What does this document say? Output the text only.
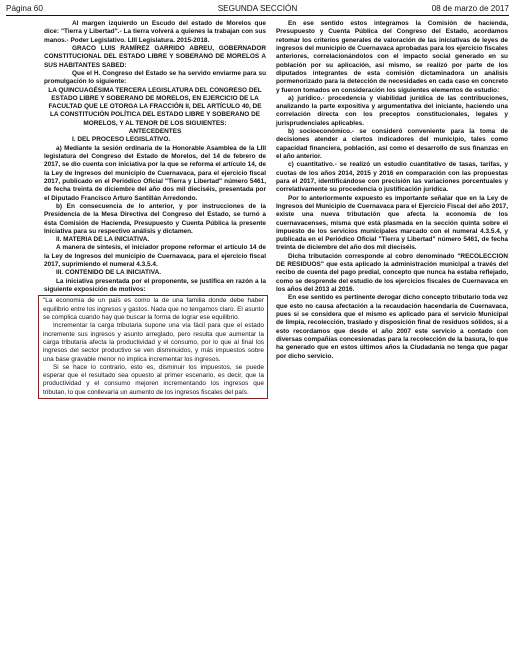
Página 60	SEGUNDA SECCIÓN	08 de marzo de 2017

Al margen izquierdo un Escudo del estado de Morelos que dice: "Tierra y Libertad".- La tierra volverá a quienes la trabajan con sus manos.- Poder Legislativo. LIII Legislatura. 2015-2018.

GRACO LUIS RAMÍREZ GARRIDO ABREU, GOBERNADOR CONSTITUCIONAL DEL ESTADO LIBRE Y SOBERANO DE MORELOS A SUS HABITANTES SABED:

Que el H. Congreso del Estado se ha servido enviarme para su promulgación lo siguiente:

LA QUINCUAGÉSIMA TERCERA LEGISLATURA DEL CONGRESO DEL ESTADO LIBRE Y SOBERANO DE MORELOS, EN EJERCICIO DE LA FACULTAD QUE LE OTORGA LA FRACCIÓN II, DEL ARTÍCULO 40, DE LA CONSTITUCIÓN POLÍTICA DEL ESTADO LIBRE Y SOBERANO DE MORELOS, Y AL TENOR DE LOS SIGUIENTES:

ANTECEDENTES

I. DEL PROCESO LEGISLATIVO.

a) Mediante la sesión ordinaria de la Honorable Asamblea de la LIII legislatura del Congreso del Estado de Morelos, del 14 de febrero de 2017, se dio cuenta con iniciativa por la que se reforma el artículo 14, de la Ley de Ingresos del municipio de Cuernavaca, para el ejercicio fiscal 2017, publicado en el Periódico Oficial "Tierra y Libertad" número 5461, de fecha treinta de diciembre del año dos mil dieciséis, presentada por el Diputado Francisco Arturo Santillán Arredondo.

b) En consecuencia de lo anterior, y por instrucciones de la Presidencia de la Mesa Directiva del Congreso del Estado, se turnó a ésta Comisión de Hacienda, Presupuesto y Cuenta Pública la presente Iniciativa para su respectivo análisis y dictamen.

II. MATERIA DE LA INICIATIVA.

A manera de síntesis, el iniciador propone reformar el artículo 14 de la Ley de Ingresos del municipio de Cuernavaca, para el ejercicio fiscal 2017, suprimiendo el numeral 4.3.5.4.

III. CONTENIDO DE LA INICIATIVA.

La iniciativa presentada por el proponente, se justifica en razón a la siguiente exposición de motivos:

"La economía de un país es como la de una familia donde debe haber equilibrio entre los ingresos y gastos. Nada que no tengamos claro. El asunto se complica cuando hay que buscar la forma de lograr ese equilibrio.

Incrementar la carga tributaria supone una vía fácil para que el estado incremente sus ingresos y asunto arreglado, pero resulta que aumentar la carga tributaria afecta la productividad y el consumo, por lo que al final los ingresos del sector productivo se ven disminuidos, y más impuestos sobre una base gravable menor no implica incrementar los ingresos.

Si se hace lo contrario, esto es, disminuir los impuestos, se puede esperar que el resultado sea opuesto al primer escenario, es decir, que la productividad y el consumo mejoren incrementando los ingresos que tributan, lo que conllevaría un aumento de los ingresos fiscales del país.

En ese sentido estos integramos la Comisión de hacienda, Presupuesto y Cuenta Pública del Congreso del Estado, acordamos retomar los criterios generales de valoración de las iniciativas de leyes de ingresos del municipio de Cuernavaca aprobadas para los ejercicio fiscales anteriores, correlacionándolos con el impacto social generado en su población por su aplicación, así mismo, se realizó por parte de los diputados integrantes de esta comisión dictaminadora un análisis pormenorizado para la detección de necesidades en cada caso en concreto y fueron tomados en consideración los siguientes elementos de estudio:

a) jurídico.- procedencia y viabilidad jurídica de las contribuciones, analizando la parte expositiva y argumentativa del iniciante, haciendo una correlación directa con los preceptos constitucionales, legales y jurisprudenciales aplicables.

b) socioeconómico.- se consideró conveniente para la toma de decisiones atender a ciertos indicadores del municipio, tales como capacidad financiera, población, así como el desarrollo de sus finanzas en el año anterior.

c) cuantitativo.- se realizó un estudio cuantitativo de tasas, tarifas, y cuotas de los años 2014, 2015 y 2016 en comparación con las propuestas para el 2017, identificándose con precisión las variaciones porcentuales y correlativamente su procedencia o justificación jurídica.

Por lo anteriormente expuesto es importante señalar que en la Ley de Ingresos del Municipio de Cuernavaca para el Ejercicio Fiscal del año 2017, existe una nueva tributación que afecta la economía de los cuernavacenses, misma que está plasmada en la sección quinta sobre el impuesto de los servicios municipales marcado con el numeral 4.3.5.4, y publicada en el Periódico Oficial "Tierra y Libertad" número 5461, de fecha treinta de diciembre del año dos mil dieciséis.

Dicha tributación corresponde al cobro denominado "RECOLECCION DE RESIDUOS" que esta aplicado la administración municipal a través del recibo de cuenta del pago predial, concepto que nunca ha estaba reflejado, como se desprende del estudio de los ejercicios fiscales de Cuernavaca en los años del 2013 al 2016.

En ese sentido es pertinente derogar dicho concepto tributario toda vez que esto no causa afectación a la recaudación hacendaria de Cuernavaca, pues si se considera que el mismo es aplicado para el servicio Municipal de limpia, recolección, traslado y disposición final de residuos sólidos, si a esto recordamos que desde el año 2007 este servicio a contado con diversas compañías concesionadas para la recolección de la basura, lo que ha generado que en estos últimos años la Ciudadanía no tenga que pagar por dicho servicio.
